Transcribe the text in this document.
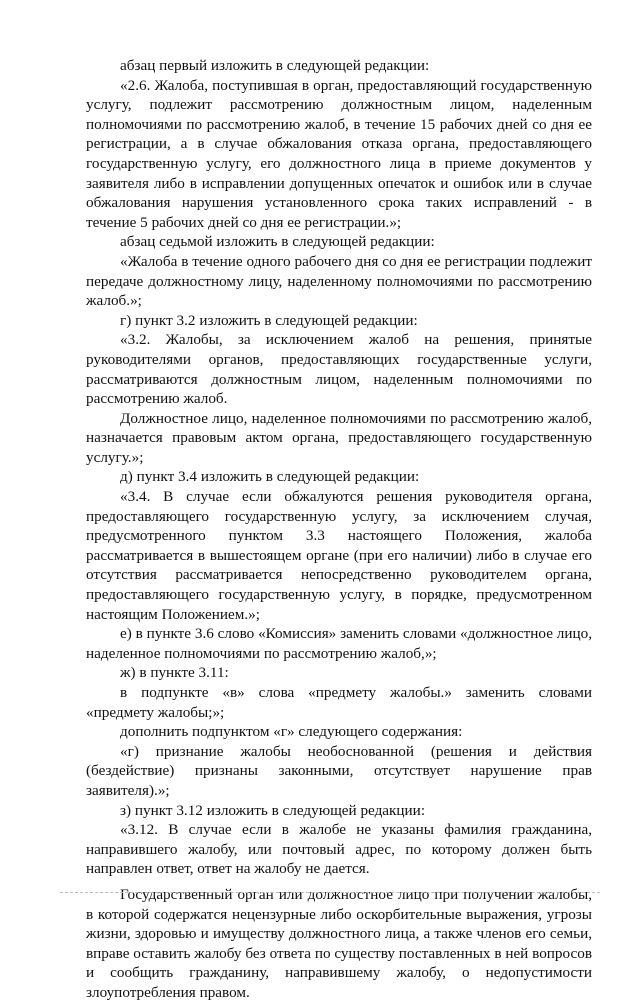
абзац первый изложить в следующей редакции:

«2.6. Жалоба, поступившая в орган, предоставляющий государственную услугу, подлежит рассмотрению должностным лицом, наделенным полномочиями по рассмотрению жалоб, в течение 15 рабочих дней со дня ее регистрации, а в случае обжалования отказа органа, предоставляющего государственную услугу, его должностного лица в приеме документов у заявителя либо в исправлении допущенных опечаток и ошибок или в случае обжалования нарушения установленного срока таких исправлений - в течение 5 рабочих дней со дня ее регистрации.»;

абзац седьмой изложить в следующей редакции:

«Жалоба в течение одного рабочего дня со дня ее регистрации подлежит передаче должностному лицу, наделенному полномочиями по рассмотрению жалоб.»;

г) пункт 3.2 изложить в следующей редакции:

«3.2. Жалобы, за исключением жалоб на решения, принятые руководителями органов, предоставляющих государственные услуги, рассматриваются должностным лицом, наделенным полномочиями по рассмотрению жалоб.

Должностное лицо, наделенное полномочиями по рассмотрению жалоб, назначается правовым актом органа, предоставляющего государственную услугу.»;

д) пункт 3.4 изложить в следующей редакции:

«3.4. В случае если обжалуются решения руководителя органа, предоставляющего государственную услугу, за исключением случая, предусмотренного пунктом 3.3 настоящего Положения, жалоба рассматривается в вышестоящем органе (при его наличии) либо в случае его отсутствия рассматривается непосредственно руководителем органа, предоставляющего государственную услугу, в порядке, предусмотренном настоящим Положением.»;

е) в пункте 3.6 слово «Комиссия» заменить словами «должностное лицо, наделенное полномочиями по рассмотрению жалоб,»;

ж) в пункте 3.11:

в подпункте «в» слова «предмету жалобы.» заменить словами «предмету жалобы;»;

дополнить подпунктом «г» следующего содержания:

«г) признание жалобы необоснованной (решения и действия (бездействие) признаны законными, отсутствует нарушение прав заявителя).»;

з) пункт 3.12 изложить в следующей редакции:

«3.12. В случае если в жалобе не указаны фамилия гражданина, направившего жалобу, или почтовый адрес, по которому должен быть направлен ответ, ответ на жалобу не дается.

Государственный орган или должностное лицо при получении жалобы, в которой содержатся нецензурные либо оскорбительные выражения, угрозы жизни, здоровью и имуществу должностного лица, а также членов его семьи, вправе оставить жалобу без ответа по существу поставленных в ней вопросов и сообщить гражданину, направившему жалобу, о недопустимости злоупотребления правом.
